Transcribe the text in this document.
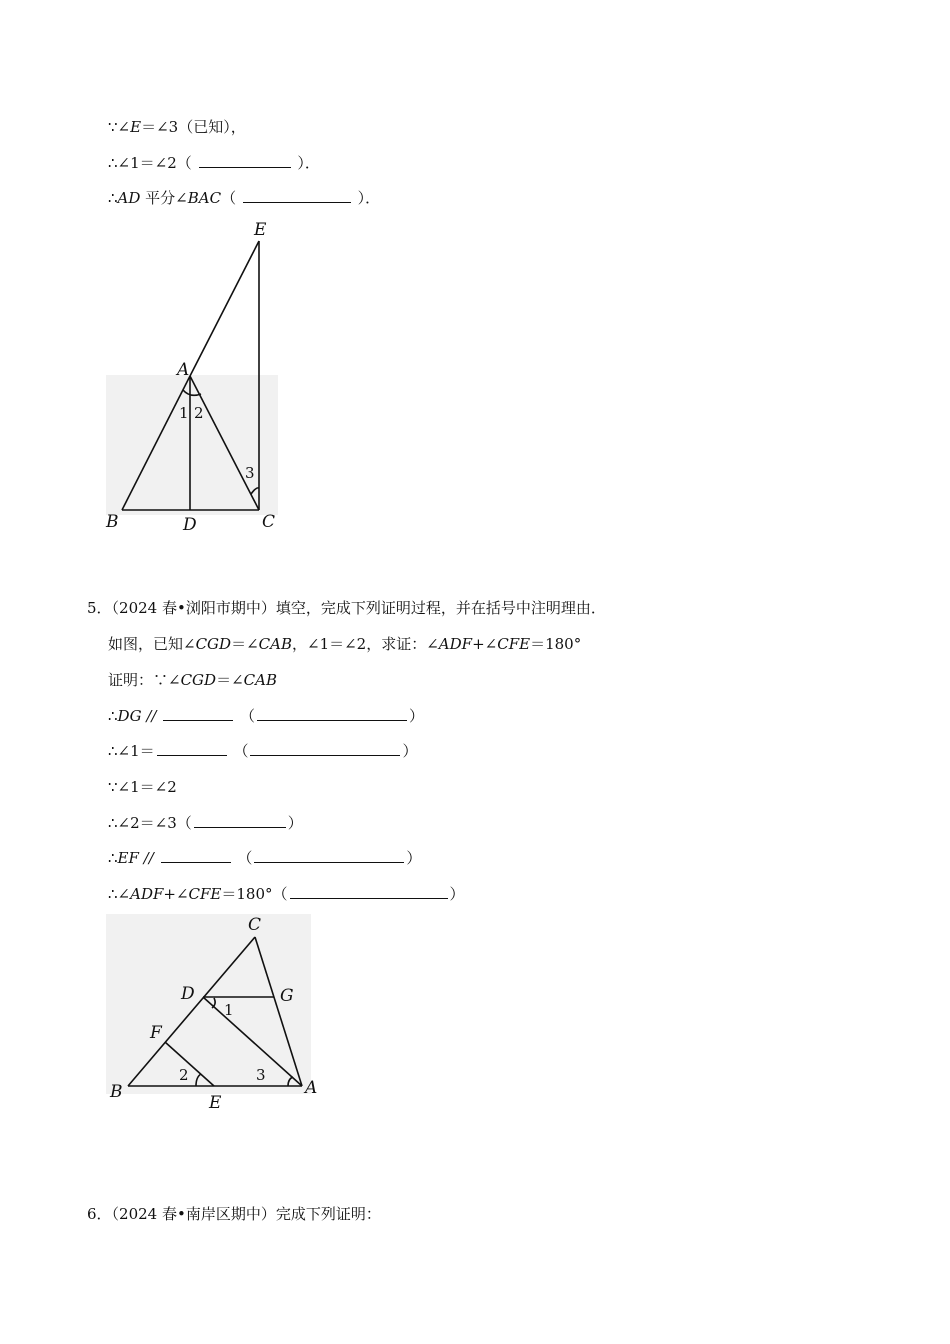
∵∠E＝∠3（已知），
∴∠1＝∠2（	）．
∴AD 平分∠BAC（	）．
E
A
B	D	C
1 2
3
5．（2024 春•浏阳市期中）填空，完成下列证明过程，并在括号中注明理由．
如图，已知∠CGD＝∠CAB，∠1＝∠2，求证：∠ADF+∠CFE＝180°
证明：∵∠CGD＝∠CAB
∴DG //	（	）
∴∠1＝	（	）
∵∠1＝∠2
∴∠2＝∠3（	）
∴EF //	（	）
∴∠ADF+∠CFE＝180°（	）
C
D	G
F
B
E
A
1
2	3
6．（2024 春•南岸区期中）完成下列证明：
